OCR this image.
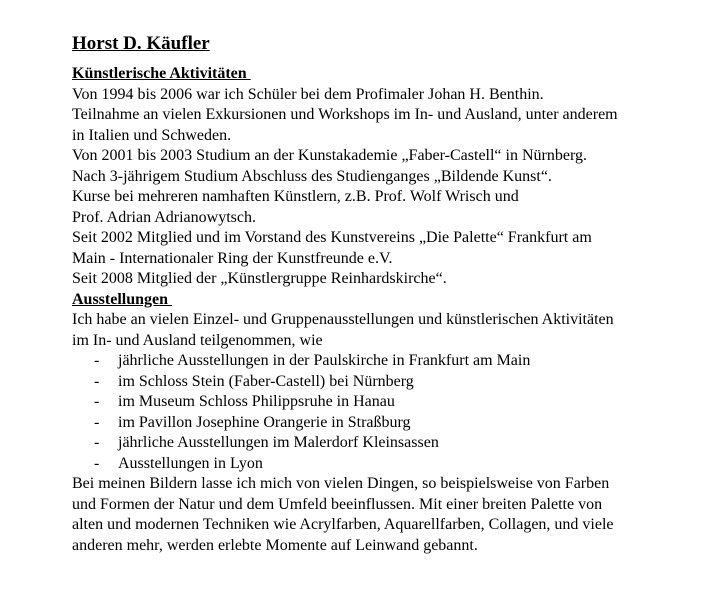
Horst D. Käufler
Künstlerische Aktivitäten
Von 1994 bis 2006 war ich Schüler bei dem Profimaler Johan H. Benthin.
Teilnahme an vielen Exkursionen und Workshops im In- und Ausland, unter anderem
in Italien und Schweden.
Von 2001 bis 2003 Studium an der Kunstakademie „Faber-Castell“ in Nürnberg.
Nach 3-jährigem Studium Abschluss des Studienganges „Bildende Kunst“.
Kurse bei mehreren namhaften Künstlern, z.B. Prof. Wolf Wrisch und
Prof. Adrian Adrianowytsch.
Seit 2002 Mitglied und im Vorstand des Kunstvereins „Die Palette“ Frankfurt am
Main - Internationaler Ring der Kunstfreunde e.V.
Seit 2008 Mitglied der „Künstlergruppe Reinhardskirche“.
Ausstellungen
Ich habe an vielen Einzel- und Gruppenausstellungen und künstlerischen Aktivitäten
im In- und Ausland teilgenommen, wie
- jährliche Ausstellungen in der Paulskirche in Frankfurt am Main
- im Schloss Stein (Faber-Castell) bei Nürnberg
- im Museum Schloss Philippsruhe in Hanau
- im Pavillon Josephine Orangerie in Straßburg
- jährliche Ausstellungen im Malerdorf Kleinsassen
- Ausstellungen in Lyon
Bei meinen Bildern lasse ich mich von vielen Dingen, so beispielsweise von Farben
und Formen der Natur und dem Umfeld beeinflussen. Mit einer breiten Palette von
alten und modernen Techniken wie Acrylfarben, Aquarellfarben, Collagen, und viele
anderen mehr, werden erlebte Momente auf Leinwand gebannt.
